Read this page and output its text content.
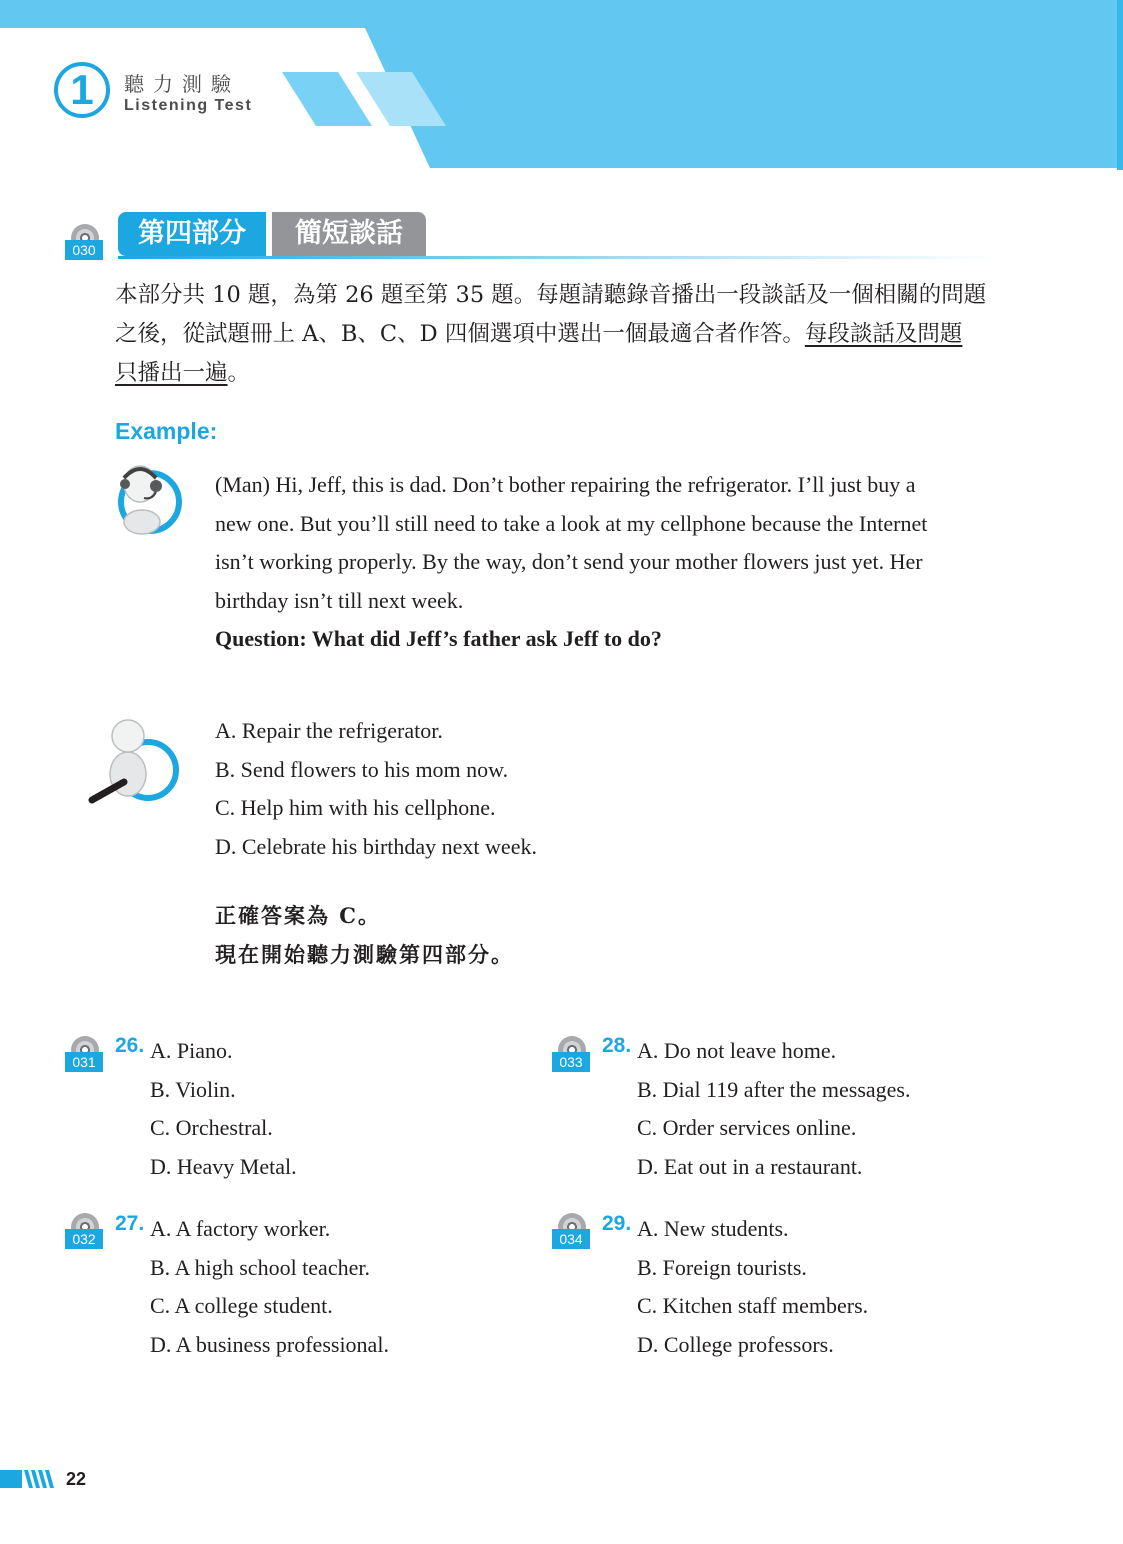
1	聽力測驗
Listening Test
030
第四部分	簡短談話
本部分共 10 題，為第 26 題至第 35 題。每題請聽錄音播出一段談話及一個相關的問題
之後，從試題冊上 A、B、C、D 四個選項中選出一個最適合者作答。每段談話及問題
只播出一遍。
Example:
(Man) Hi, Jeff, this is dad. Don’t bother repairing the refrigerator. I’ll just buy a
new one. But you’ll still need to take a look at my cellphone because the Internet
isn’t working properly. By the way, don’t send your mother flowers just yet. Her
birthday isn’t till next week.
Question: What did Jeff’s father ask Jeff to do?
A. Repair the refrigerator.
B. Send flowers to his mom now.
C. Help him with his cellphone.
D. Celebrate his birthday next week.
正確答案為 C。
現在開始聽力測驗第四部分。
031
26. A. Piano.
B. Violin.
C. Orchestral.
D. Heavy Metal.
032
27. A. A factory worker.
B. A high school teacher.
C. A college student.
D. A business professional.
033
28. A. Do not leave home.
B. Dial 119 after the messages.
C. Order services online.
D. Eat out in a restaurant.
034
29. A. New students.
B. Foreign tourists.
C. Kitchen staff members.
D. College professors.
22
